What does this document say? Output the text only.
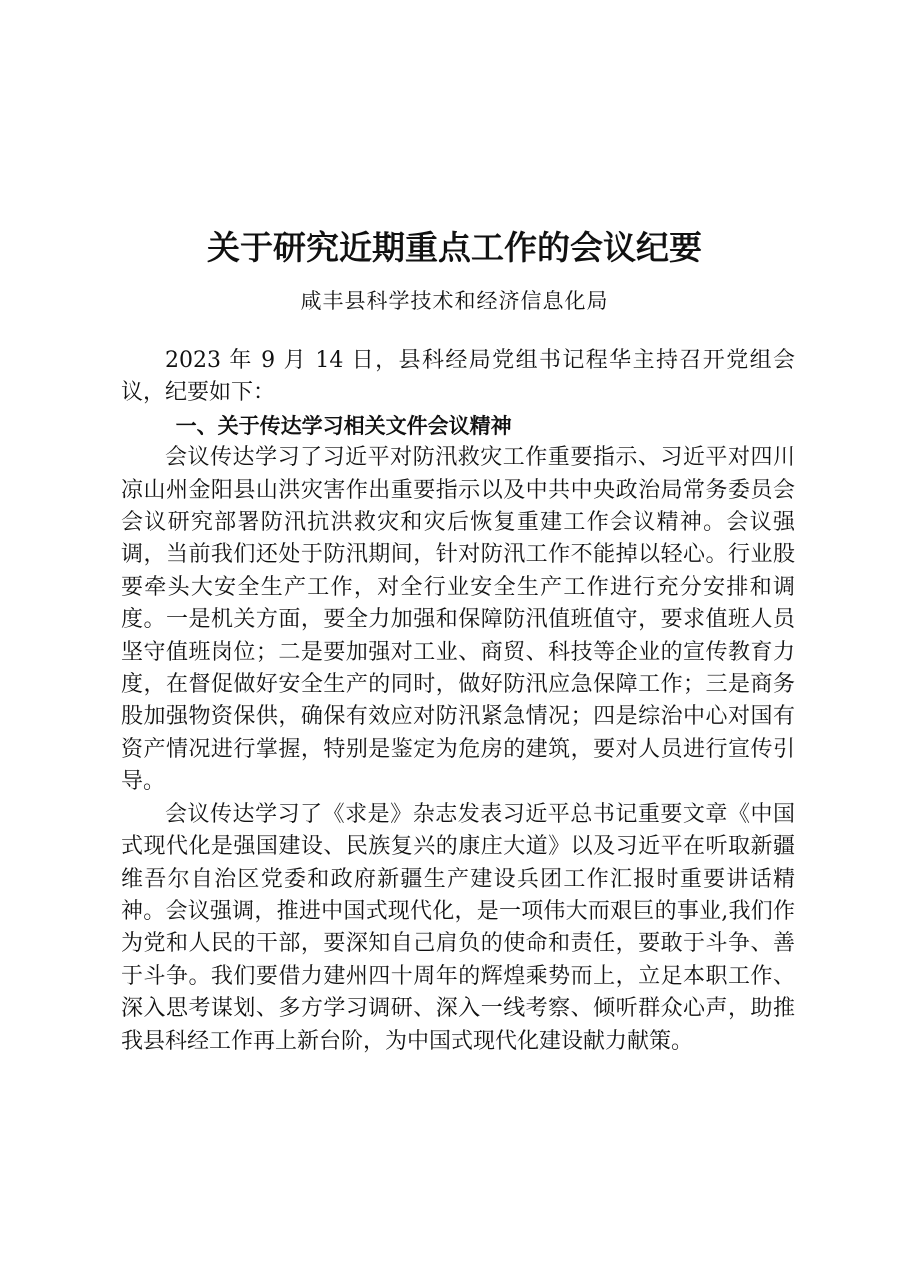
关于研究近期重点工作的会议纪要

咸丰县科学技术和经济信息化局

2023 年 9 月 14 日，县科经局党组书记程华主持召开党组会议，纪要如下：

一、关于传达学习相关文件会议精神

会议传达学习了习近平对防汛救灾工作重要指示、习近平对四川凉山州金阳县山洪灾害作出重要指示以及中共中央政治局常务委员会会议研究部署防汛抗洪救灾和灾后恢复重建工作会议精神。会议强调，当前我们还处于防汛期间，针对防汛工作不能掉以轻心。行业股要牵头大安全生产工作，对全行业安全生产工作进行充分安排和调度。一是机关方面，要全力加强和保障防汛值班值守，要求值班人员坚守值班岗位；二是要加强对工业、商贸、科技等企业的宣传教育力度，在督促做好安全生产的同时，做好防汛应急保障工作；三是商务股加强物资保供，确保有效应对防汛紧急情况；四是综治中心对国有资产情况进行掌握，特别是鉴定为危房的建筑，要对人员进行宣传引导。

会议传达学习了《求是》杂志发表习近平总书记重要文章《中国式现代化是强国建设、民族复兴的康庄大道》以及习近平在听取新疆维吾尔自治区党委和政府新疆生产建设兵团工作汇报时重要讲话精神。会议强调，推进中国式现代化，是一项伟大而艰巨的事业,我们作为党和人民的干部，要深知自己肩负的使命和责任，要敢于斗争、善于斗争。我们要借力建州四十周年的辉煌乘势而上，立足本职工作、深入思考谋划、多方学习调研、深入一线考察、倾听群众心声，助推我县科经工作再上新台阶，为中国式现代化建设献力献策。
